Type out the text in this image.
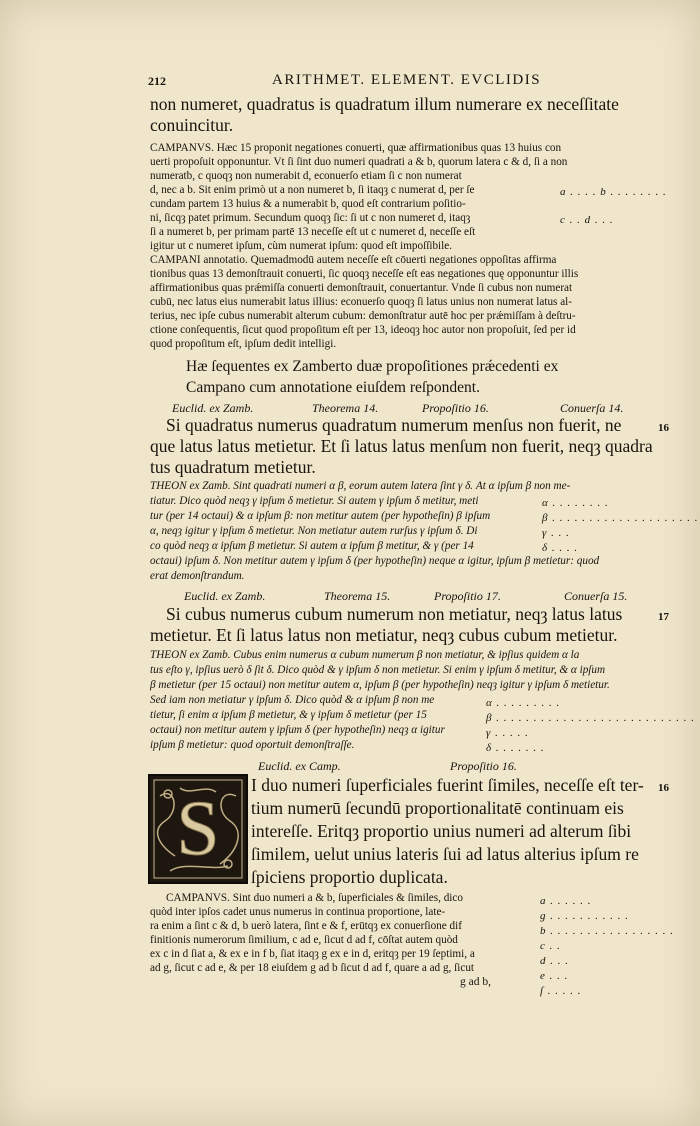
212	ARITHMET. ELEMENT. EVCLIDIS
non numeret, quadratus is quadratum illum numerare ex neceſſitate
conuincitur.
CAMPANVS. Hæc 15 proponit negationes conuerti, quæ affirmationibus quas 13 huius con
uerti propoſuit opponuntur. Vt ſi ſint duo numeri quadrati a & b, quorum latera c & d, ſi a non
numeratb, c quoqȝ non numerabit d, econuerſo etiam ſi c non numerat
d, nec a b. Sit enim primò ut a non numeret b, ſi itaqȝ c numerat d, per ſe
cundam partem 13 huius & a numerabit b, quod eſt contrarium poſitio-
ni, ſicqȝ patet primum. Secundum quoqȝ ſic: ſi ut c non numeret d, itaqȝ
ſi a numeret b, per primam partē 13 neceſſe eſt ut c numeret d, neceſſe eſt
igitur ut c numeret ipſum, cùm numerat ipſum: quod eſt impoſſibile.
a . . . . b . . . . . . . .
c . . d . . .
CAMPANI annotatio. Quemadmodū autem neceſſe eſt cōuerti negationes oppoſitas affirma
tionibus quas 13 demonſtrauit conuerti, ſic quoqȝ neceſſe eſt eas negationes quę opponuntur illis
affirmationibus quas prǽmiſſa conuerti demonſtrauit, conuertantur. Vnde ſi cubus non numerat
cubū, nec latus eius numerabit latus illius: econuerſo quoqȝ ſi latus unius non numerat latus al-
terius, nec ipſe cubus numerabit alterum cubum: demonſtratur autē hoc per prǽmiſſam à deſtru-
ctione conſequentis, ſicut quod propoſitum eſt per 13, ideoqȝ hoc autor non propoſuit, ſed per id
quod propoſitum eſt, ipſum dedit intelligi.
Hæ ſequentes ex Zamberto duæ propoſitiones prǽcedenti ex
Campano cum annotatione eiuſdem reſpondent.
Euclid. ex Zamb.	Theorema 14.	Propoſitio 16.	Conuerſa 14.
Si quadratus numerus quadratum numerum menſus non fuerit, ne
que latus latus metietur. Et ſi latus latus menſum non fuerit, neqȝ quadra
tus quadratum metietur.
16
THEON ex Zamb. Sint quadrati numeri α β, eorum autem latera ſint γ δ. At α ipſum β non me-
tiatur. Dico quòd neqȝ γ ipſum δ metietur. Si autem γ ipſum δ metitur, meti
tur (per 14 octaui) & α ipſum β: non metitur autem (per hypotheſin) β ipſum
α, neqȝ igitur γ ipſum δ metietur. Non metiatur autem rurſus γ ipſum δ. Di
co quòd neqȝ α ipſum β metietur. Si autem α ipſum β metitur, & γ (per 14
octaui) ipſum δ. Non metitur autem γ ipſum δ (per hypotheſin) neque α igitur, ipſum β metietur: quod
erat demonſtrandum.
α . . . . . . . .
β . . . . . . . . . . . . . . . . . . . .
γ . . .
δ . . . .
Euclid. ex Zamb.	Theorema 15.	Propoſitio 17.	Conuerſa 15.
Si cubus numerus cubum numerum non metiatur, neqȝ latus latus
metietur. Et ſi latus latus non metiatur, neqȝ cubus cubum metietur.
17
THEON ex Zamb. Cubus enim numerus α cubum numerum β non metiatur, & ipſius quidem α la
tus eſto γ, ipſius uerò δ ſit δ. Dico quòd & γ ipſum δ non metietur. Si enim γ ipſum δ metitur, & α ipſum
β metietur (per 15 octaui) non metitur autem α, ipſum β (per hypotheſin) neqȝ igitur γ ipſum δ metietur.
Sed iam non metiatur γ ipſum δ. Dico quòd & α ipſum β non me
tietur, ſi enim α ipſum β metietur, & γ ipſum δ metietur (per 15
octaui) non metitur autem γ ipſum δ (per hypotheſin) neqȝ α igitur
ipſum β metietur: quod oportuit demonſtraſſe.
α . . . . . . . . .
β . . . . . . . . . . . . . . . . . . . . . . . . . . .
γ . . . . .
δ . . . . . . .
Euclid. ex Camp.	Propoſitio 16.
S I duo numeri ſuperficiales fuerint ſimiles, neceſſe eſt ter-
tium numerū ſecundū proportionalitatē continuam eis
intereſſe. Eritqȝ proportio unius numeri ad alterum ſibi
ſimilem, uelut unius lateris ſui ad latus alterius ipſum re
ſpiciens proportio duplicata.
16
CAMPANVS. Sint duo numeri a & b, ſuperficiales & ſimiles, dico
quòd inter ipſos cadet unus numerus in continua proportione, late-
ra enim a ſint c & d, b uerò latera, ſint e & f, erūtqȝ ex conuerſione dif
finitionis numerorum ſimilium, c ad e, ſicut d ad f, cōſtat autem quòd
ex c in d ſiat a, & ex e in f b, ſiat itaqȝ g ex e in d, eritqȝ per 19 ſeptimi, a
ad g, ſicut c ad e, & per 18 eiuſdem g ad b ſicut d ad f, quare a ad g, ſicut
g ad b,
a . . . . . .
g . . . . . . . . . . .
b . . . . . . . . . . . . . . . . .
c . .
d . . .
e . . .
ſ . . . . .
